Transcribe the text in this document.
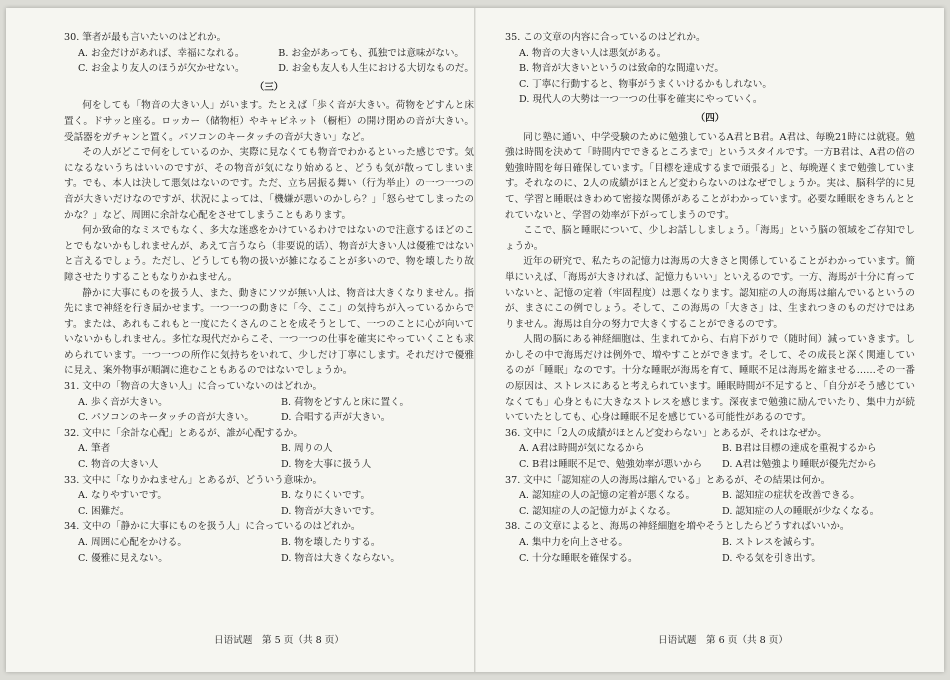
30. 筆者が最も言いたいのはどれか。

A. お金だけがあれば、幸福になれる。	B. お金があっても、孤独では意味がない。
C. お金より友人のほうが欠かせない。	D. お金も友人も人生における大切なものだ。
（三）

何をしても「物音の大きい人」がいます。たとえば「歩く音が大きい。荷物をどすんと床置く。ドサッと座る。ロッカー（储物柜）やキャビネット（橱柜）の開け閉めの音が大きい。受話器をガチャンと置く。パソコンのキータッチの音が大きい」など。

その人がどこで何をしているのか、実際に見なくても物音でわかるといった感じです。気になるないうちはいいのですが、その物音が気になり始めると、どうも気が散ってしまいます。でも、本人は決して悪気はないのです。ただ、立ち居振る舞い（行为举止）の一つ一つの音が大きいだけなのですが、状況によっては、「機嫌が悪いのかしら？」「怒らせてしまったのかな？」など、周囲に余計な心配をさせてしまうこともあります。

何か致命的なミスでもなく、多大な迷惑をかけているわけではないので注意するほどのことでもないかもしれませんが、あえて言うなら（非要说的话）、物音が大きい人は優雅ではないと言えるでしょう。ただし、どうしても物の扱いが雑になることが多いので、物を壊したり故障させたりすることもなりかねません。

静かに大事にものを扱う人、また、動きにソツが無い人は、物音は大きくなりません。指先にまで神経を行き届かせます。一つ一つの動きに「今、ここ」の気持ちが入っているからです。または、あれもこれもと一度にたくさんのことを成そうとして、一つのことに心が向いていないかもしれません。多忙な現代だからこそ、一つ一つの仕事を確実にやっていくことも求められています。一つ一つの所作に気持ちをいれて、少しだけ丁寧にします。それだけで優雅に見え、案外物事が順調に進むこともあるのではないでしょうか。

31. 文中の「物音の大きい人」に合っていないのはどれか。

A. 歩く音が大きい。	B. 荷物をどすんと床に置く。
C. パソコンのキータッチの音が大きい。	D. 合唱する声が大きい。

32. 文中に「余計な心配」とあるが、誰が心配するか。

A. 筆者	B. 周りの人
C. 物音の大きい人	D. 物を大事に扱う人

33. 文中に「なりかねません」とあるが、どういう意味か。

A. なりやすいです。	B. なりにくいです。
C. 困難だ。	D. 物音が大きいです。

34. 文中の「静かに大事にものを扱う人」に合っているのはどれか。

A. 周囲に心配をかける。	B. 物を壊したりする。
C. 優雅に見えない。	D. 物音は大きくならない。
日语试题　第 5 页（共 8 页）

35. この文章の内容に合っているのはどれか。

A. 物音の大きい人は悪気がある。
B. 物音が大きいというのは致命的な間違いだ。
C. 丁寧に行動すると、物事がうまくいけるかもしれない。
D. 現代人の大勢は一つ一つの仕事を確実にやっていく。
（四）

同じ塾に通い、中学受験のために勉強しているA君とB君。A君は、毎晩21時には就寝。勉強は時間を決めて「時間内でできるところまで」というスタイルです。一方B君は、A君の倍の勉強時間を毎日確保しています。「目標を達成するまで頑張る」と、毎晩遅くまで勉強しています。それなのに、2人の成績がほとんど変わらないのはなぜでしょうか。実は、脳科学的に見て、学習と睡眠はきわめて密接な関係があることがわかっています。必要な睡眠をきちんととれていないと、学習の効率が下がってしまうのです。

ここで、脳と睡眠について、少しお話ししましょう。「海馬」という脳の領域をご存知でしょうか。

近年の研究で、私たちの記憶力は海馬の大きさと関係していることがわかっています。簡単にいえば、「海馬が大きければ、記憶力もいい」といえるのです。一方、海馬が十分に育っていないと、記憶の定着（牢固程度）は悪くなります。認知症の人の海馬は縮んでいるというのが、まさにこの例でしょう。そして、この海馬の「大きさ」は、生まれつきのものだけではありません。海馬は自分の努力で大きくすることができるのです。

人間の脳にある神経細胞は、生まれてから、右肩下がりで（随时间）減っていきます。しかしその中で海馬だけは例外で、増やすことができます。そして、その成長と深く関連しているのが「睡眠」なのです。十分な睡眠が海馬を育て、睡眠不足は海馬を縮ませる……その一番の原因は、ストレスにあると考えられています。睡眠時間が不足すると、「自分がそう感じていなくても」心身ともに大きなストレスを感じます。深夜まで勉強に励んでいたり、集中力が続いていたとしても、心身は睡眠不足を感じている可能性があるのです。

36. 文中に「2人の成績がほとんど変わらない」とあるが、それはなぜか。

A. A君は時間が気になるから	B. B君は目標の達成を重視するから
C. B君は睡眠不足で、勉強効率が悪いから	D. A君は勉強より睡眠が優先だから

37. 文中に「認知症の人の海馬は縮んでいる」とあるが、その結果は何か。

A. 認知症の人の記憶の定着が悪くなる。	B. 認知症の症状を改善できる。
C. 認知症の人の記憶力がよくなる。	D. 認知症の人の睡眠が少なくなる。

38. この文章によると、海馬の神経細胞を増やそうとしたらどうすればいいか。

A. 集中力を向上させる。	B. ストレスを減らす。
C. 十分な睡眠を確保する。	D. やる気を引き出す。
日语试题　第 6 页（共 8 页）
